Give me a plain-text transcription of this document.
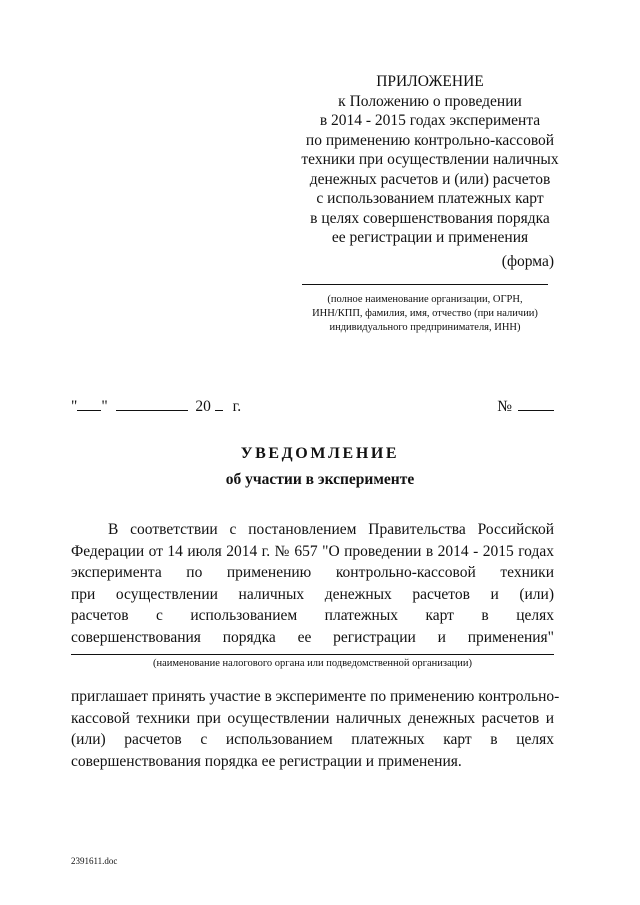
ПРИЛОЖЕНИЕ
к Положению о проведении
в 2014 - 2015 годах эксперимента
по применению контрольно-кассовой
техники при осуществлении наличных
денежных расчетов и (или) расчетов
с использованием платежных карт
в целях совершенствования порядка
ее регистрации и применения
(форма)
(полное наименование организации, ОГРН,
ИНН/КПП, фамилия, имя, отчество (при наличии)
индивидуального предпринимателя, ИНН)
" "	20 г.	№
УВЕДОМЛЕНИЕ
об участии в эксперименте
В соответствии с постановлением Правительства Российской
Федерации от 14 июля 2014 г. № 657 "О проведении в 2014 - 2015 годах
эксперимента по применению контрольно-кассовой техники
при осуществлении наличных денежных расчетов и (или)
расчетов с использованием платежных карт в целях
совершенствования порядка ее регистрации и применения"
(наименование налогового органа или подведомственной организации)
приглашает принять участие в эксперименте по применению контрольно-
кассовой техники при осуществлении наличных денежных расчетов и
(или) расчетов с использованием платежных карт в целях
совершенствования порядка ее регистрации и применения.
2391611.doc
